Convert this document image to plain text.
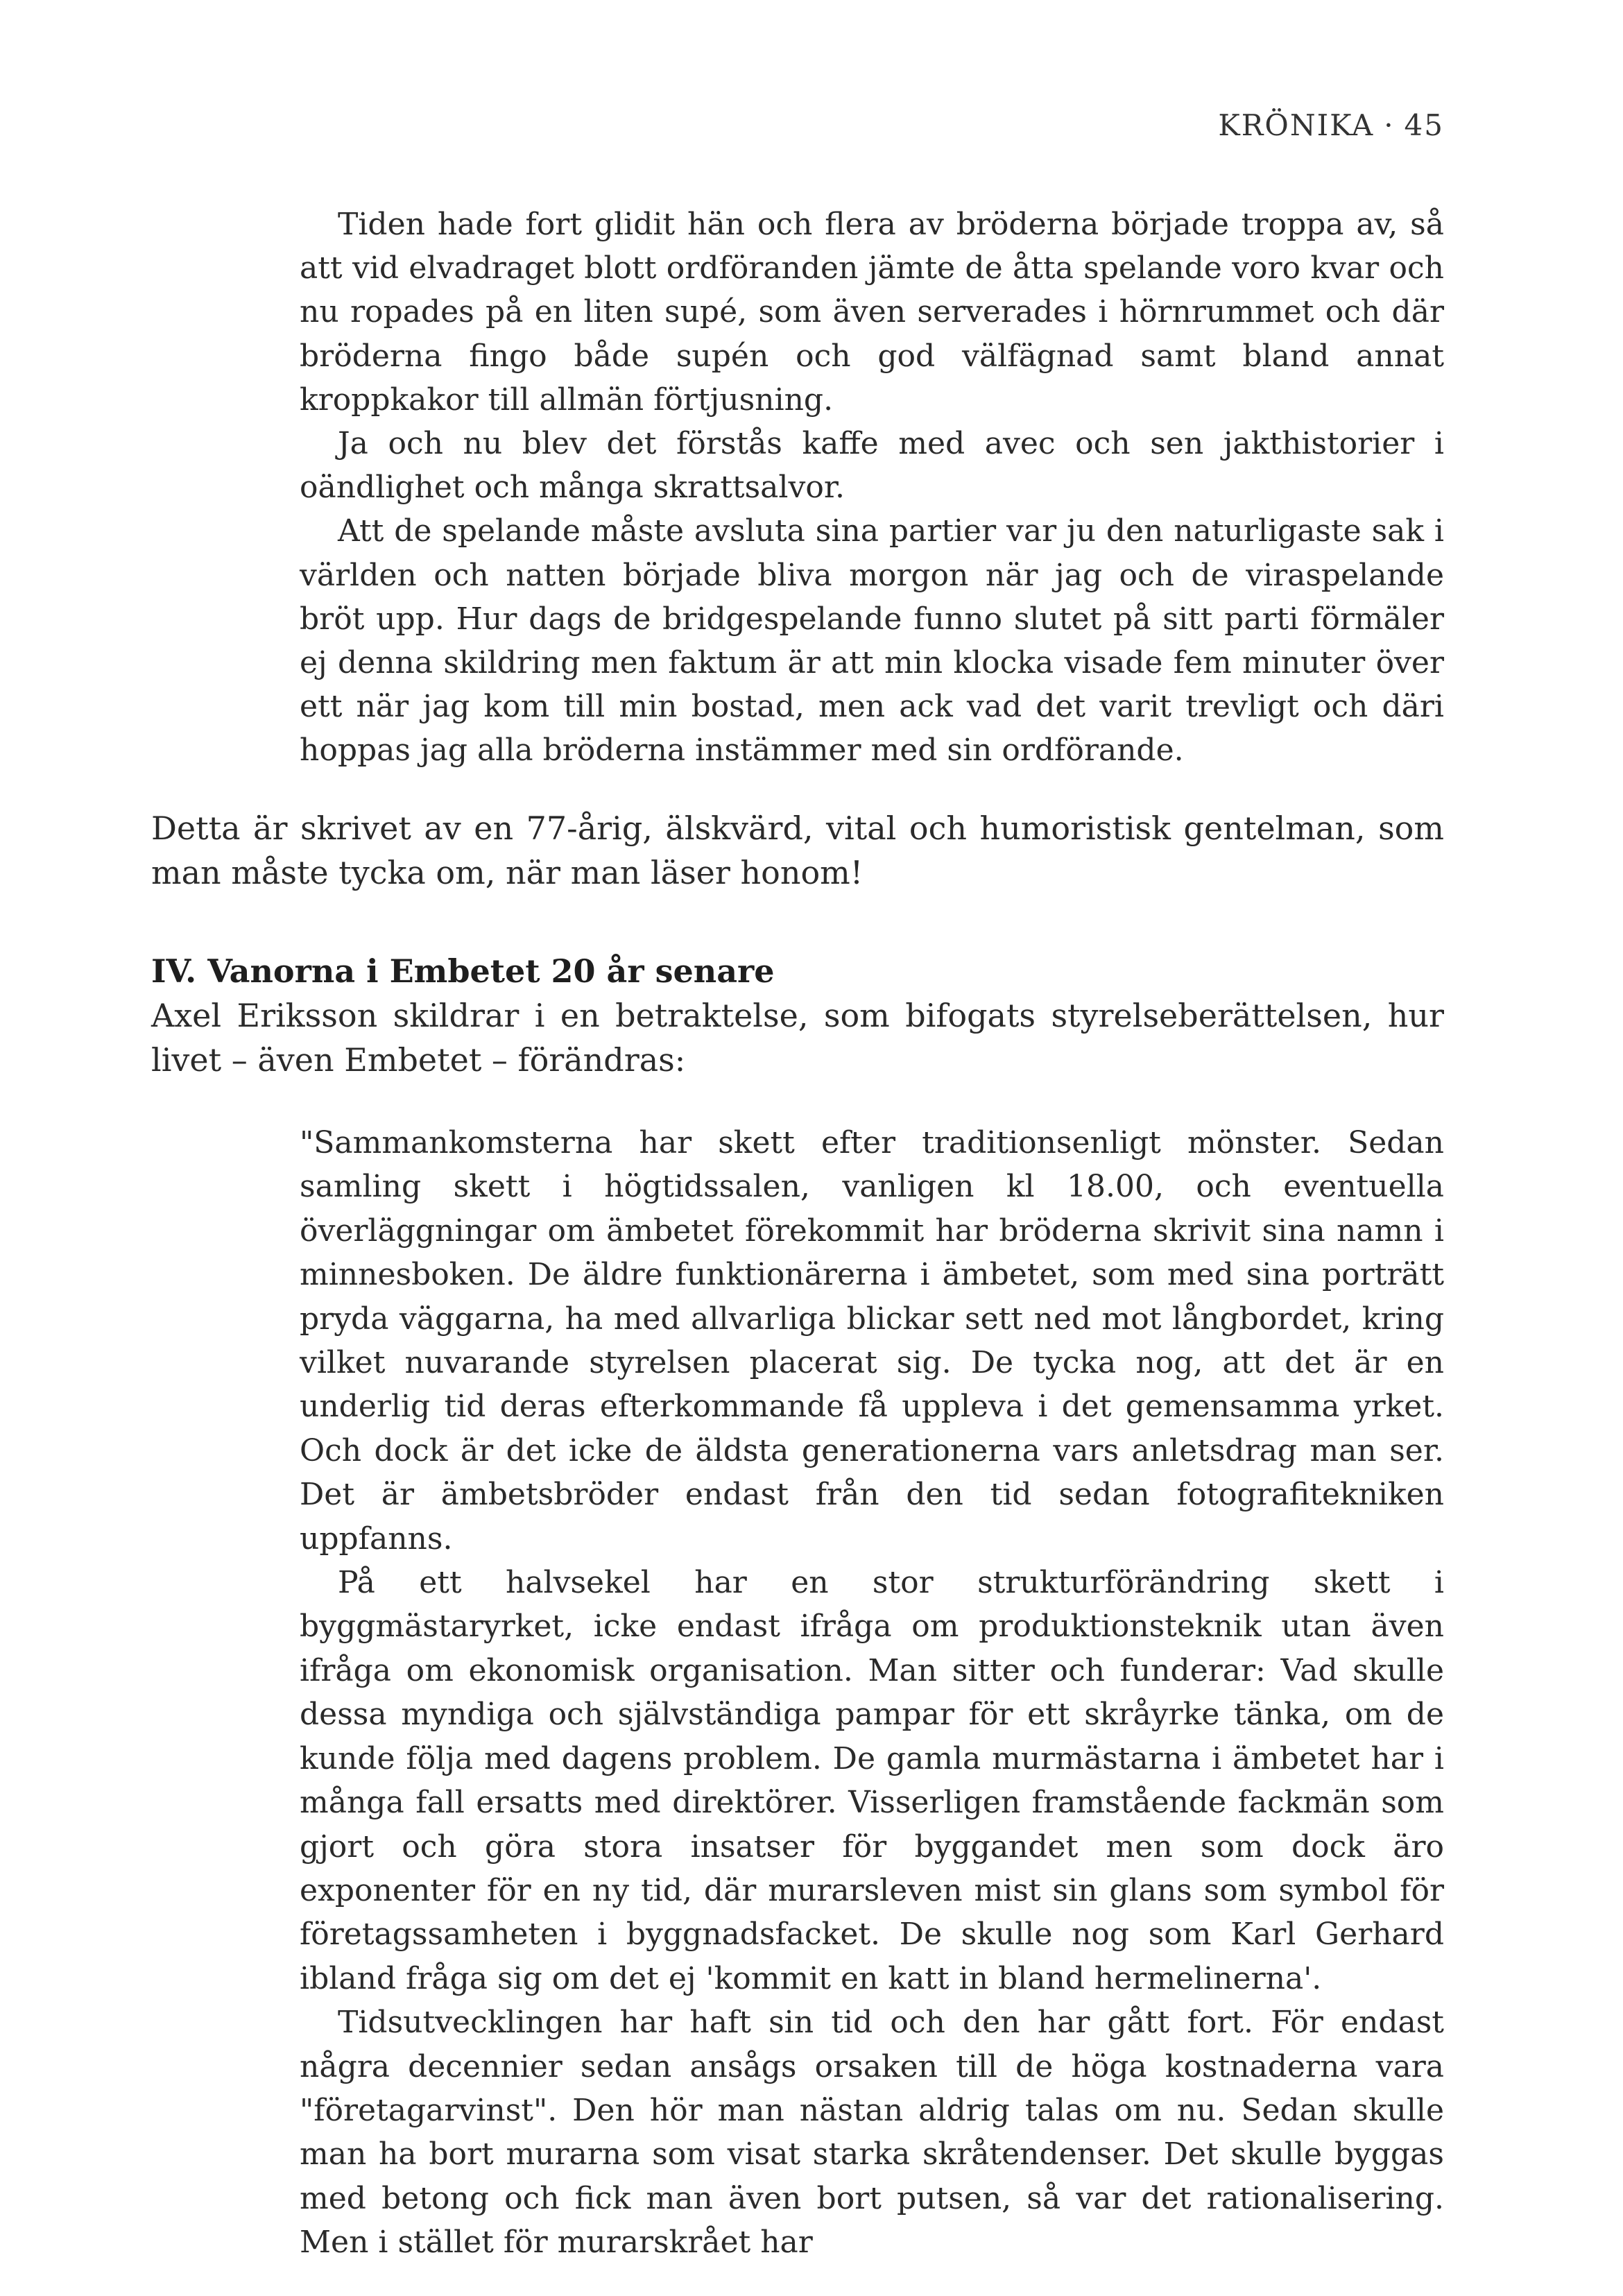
KRÖNIKA · 45

Tiden hade fort glidit hän och flera av bröderna började troppa av, så att vid elvadraget blott ordföranden jämte de åtta spelande voro kvar och nu ropades på en liten supé, som även serverades i hörnrummet och där bröderna fingo både supén och god välfägnad samt bland annat kroppkakor till allmän förtjusning.

Ja och nu blev det förstås kaffe med avec och sen jakthistorier i oändlighet och många skrattsalvor.

Att de spelande måste avsluta sina partier var ju den naturligaste sak i världen och natten började bliva morgon när jag och de viraspelande bröt upp. Hur dags de bridgespelande funno slutet på sitt parti förmäler ej denna skildring men faktum är att min klocka visade fem minuter över ett när jag kom till min bostad, men ack vad det varit trevligt och däri hoppas jag alla bröderna instämmer med sin ordförande.

Detta är skrivet av en 77-årig, älskvärd, vital och humoristisk gentelman, som man måste tycka om, när man läser honom!

IV. Vanorna i Embetet 20 år senare

Axel Eriksson skildrar i en betraktelse, som bifogats styrelseberättelsen, hur livet – även Embetet – förändras:

"Sammankomsterna har skett efter traditionsenligt mönster. Sedan samling skett i högtidssalen, vanligen kl 18.00, och eventuella överläggningar om ämbetet förekommit har bröderna skrivit sina namn i minnesboken. De äldre funktionärerna i ämbetet, som med sina porträtt pryda väggarna, ha med allvarliga blickar sett ned mot långbordet, kring vilket nuvarande styrelsen placerat sig. De tycka nog, att det är en underlig tid deras efterkommande få uppleva i det gemensamma yrket. Och dock är det icke de äldsta generationerna vars anletsdrag man ser. Det är ämbetsbröder endast från den tid sedan fotografitekniken uppfanns.

På ett halvsekel har en stor strukturförändring skett i byggmästaryrket, icke endast ifråga om produktionsteknik utan även ifråga om ekonomisk organisation. Man sitter och funderar: Vad skulle dessa myndiga och självständiga pampar för ett skråyrke tänka, om de kunde följa med dagens problem. De gamla murmästarna i ämbetet har i många fall ersatts med direktörer. Visserligen framstående fackmän som gjort och göra stora insatser för byggandet men som dock äro exponenter för en ny tid, där murarsleven mist sin glans som symbol för företagssamheten i byggnadsfacket. De skulle nog som Karl Gerhard ibland fråga sig om det ej 'kommit en katt in bland hermelinerna'.

Tidsutvecklingen har haft sin tid och den har gått fort. För endast några decennier sedan ansågs orsaken till de höga kostnaderna vara "företagarvinst". Den hör man nästan aldrig talas om nu. Sedan skulle man ha bort murarna som visat starka skråtendenser. Det skulle byggas med betong och fick man även bort putsen, så var det rationalisering. Men i stället för murarskrået har
